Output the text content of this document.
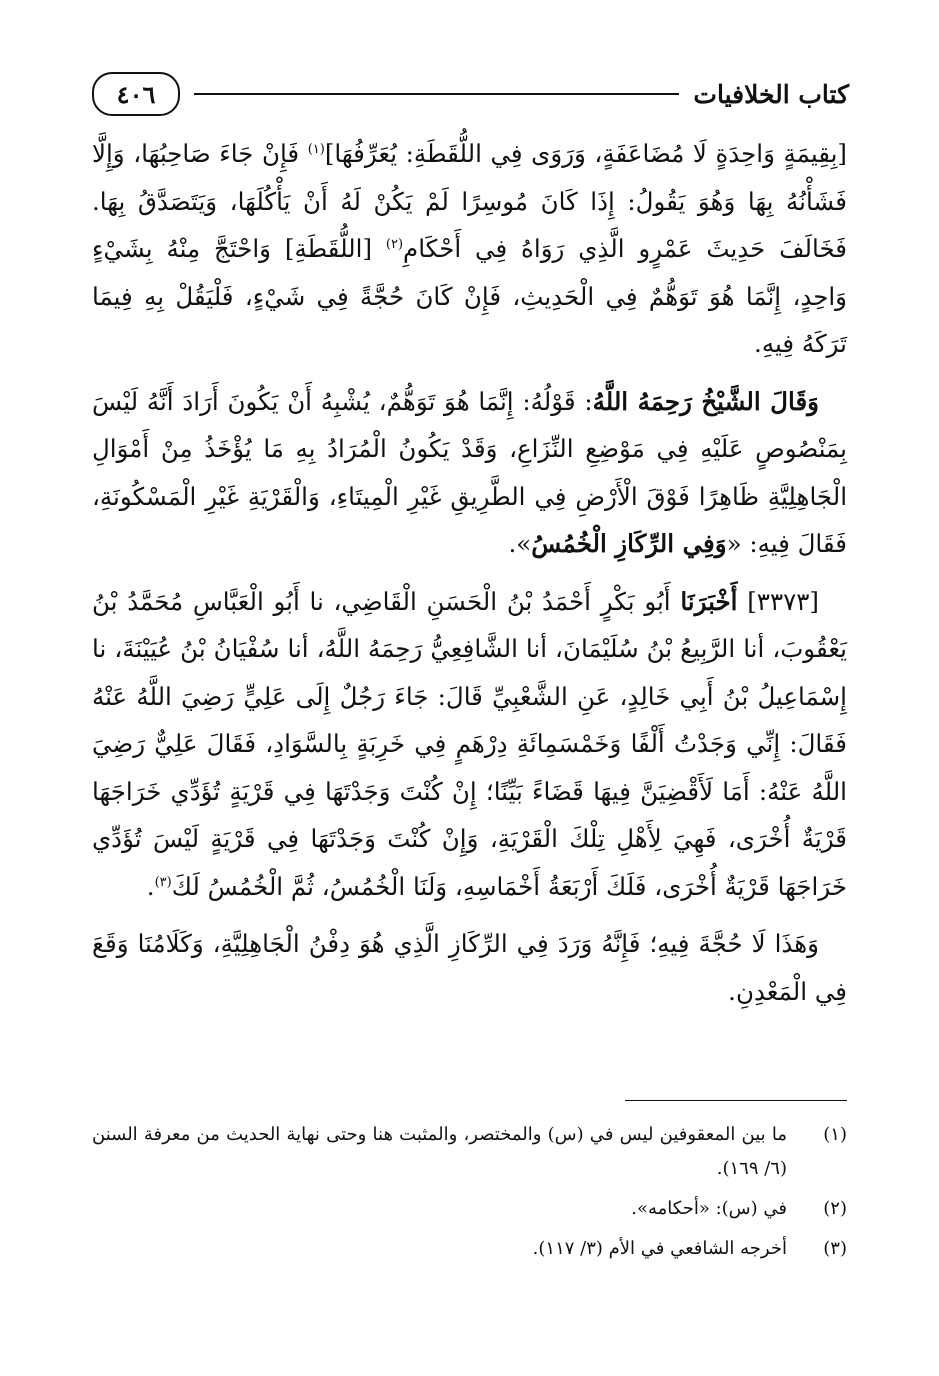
كتاب الخلافيات
٤٠٦

[بِقِيمَةٍ وَاحِدَةٍ لَا مُضَاعَفَةٍ، وَرَوَى فِي اللُّقَطَةِ: يُعَرِّفُهَا]$^{(١)}$ فَإِنْ جَاءَ صَاحِبُهَا، وَإِلَّا فَشَأْنُهُ بِهَا وَهُوَ يَقُولُ: إِذَا كَانَ مُوسِرًا لَمْ يَكُنْ لَهُ أَنْ يَأْكُلَهَا، وَيَتَصَدَّقُ بِهَا. فَخَالَفَ حَدِيثَ عَمْرٍو الَّذِي رَوَاهُ فِي أَحْكَامِ$^{(٢)}$ [اللُّقَطَةِ] وَاحْتَجَّ مِنْهُ بِشَيْءٍ وَاحِدٍ، إِنَّمَا هُوَ تَوَهُّمٌ فِي الْحَدِيثِ، فَإِنْ كَانَ حُجَّةً فِي شَيْءٍ، فَلْيَقُلْ بِهِ فِيمَا تَرَكَهُ فِيهِ.

وَقَالَ الشَّيْخُ رَحِمَهُ اللَّهُ: قَوْلُهُ: إِنَّمَا هُوَ تَوَهُّمٌ، يُشْبِهُ أَنْ يَكُونَ أَرَادَ أَنَّهُ لَيْسَ بِمَنْصُوصٍ عَلَيْهِ فِي مَوْضِعِ النِّزَاعِ، وَقَدْ يَكُونُ الْمُرَادُ بِهِ مَا يُؤْخَذُ مِنْ أَمْوَالِ الْجَاهِلِيَّةِ ظَاهِرًا فَوْقَ الْأَرْضِ فِي الطَّرِيقِ غَيْرِ الْمِيتَاءِ، وَالْقَرْيَةِ غَيْرِ الْمَسْكُونَةِ، فَقَالَ فِيهِ: «وَفِي الرِّكَازِ الْخُمُسُ».

[٣٣٧٣] أَخْبَرَنَا أَبُو بَكْرٍ أَحْمَدُ بْنُ الْحَسَنِ الْقَاضِي، نا أَبُو الْعَبَّاسِ مُحَمَّدُ بْنُ يَعْقُوبَ، أنا الرَّبِيعُ بْنُ سُلَيْمَانَ، أنا الشَّافِعِيُّ رَحِمَهُ اللَّهُ، أنا سُفْيَانُ بْنُ عُيَيْنَةَ، نا إِسْمَاعِيلُ بْنُ أَبِي خَالِدٍ، عَنِ الشَّعْبِيِّ قَالَ: جَاءَ رَجُلٌ إِلَى عَلِيٍّ رَضِيَ اللَّهُ عَنْهُ فَقَالَ: إِنِّي وَجَدْتُ أَلْفًا وَخَمْسَمِائَةِ دِرْهَمٍ فِي خَرِبَةٍ بِالسَّوَادِ، فَقَالَ عَلِيٌّ رَضِيَ اللَّهُ عَنْهُ: أَمَا لَأَقْضِيَنَّ فِيهَا قَضَاءً بَيِّنًا؛ إِنْ كُنْتَ وَجَدْتَهَا فِي قَرْيَةٍ تُؤَدِّي خَرَاجَهَا قَرْيَةٌ أُخْرَى، فَهِيَ لِأَهْلِ تِلْكَ الْقَرْيَةِ، وَإِنْ كُنْتَ وَجَدْتَهَا فِي قَرْيَةٍ لَيْسَ تُؤَدِّي خَرَاجَهَا قَرْيَةٌ أُخْرَى، فَلَكَ أَرْبَعَةُ أَخْمَاسِهِ، وَلَنَا الْخُمُسُ، ثُمَّ الْخُمُسُ لَكَ$^{(٣)}$.

وَهَذَا لَا حُجَّةَ فِيهِ؛ فَإِنَّهُ وَرَدَ فِي الرِّكَازِ الَّذِي هُوَ دِفْنُ الْجَاهِلِيَّةِ، وَكَلَامُنَا وَقَعَ فِي الْمَعْدِنِ.

(١)
ما بين المعقوفين ليس في (س) والمختصر، والمثبت هنا وحتى نهاية الحديث من معرفة السنن (٦/ ١٦٩).
(٢)
في (س): «أحكامه».
(٣)
أخرجه الشافعي في الأم (٣/ ١١٧).
